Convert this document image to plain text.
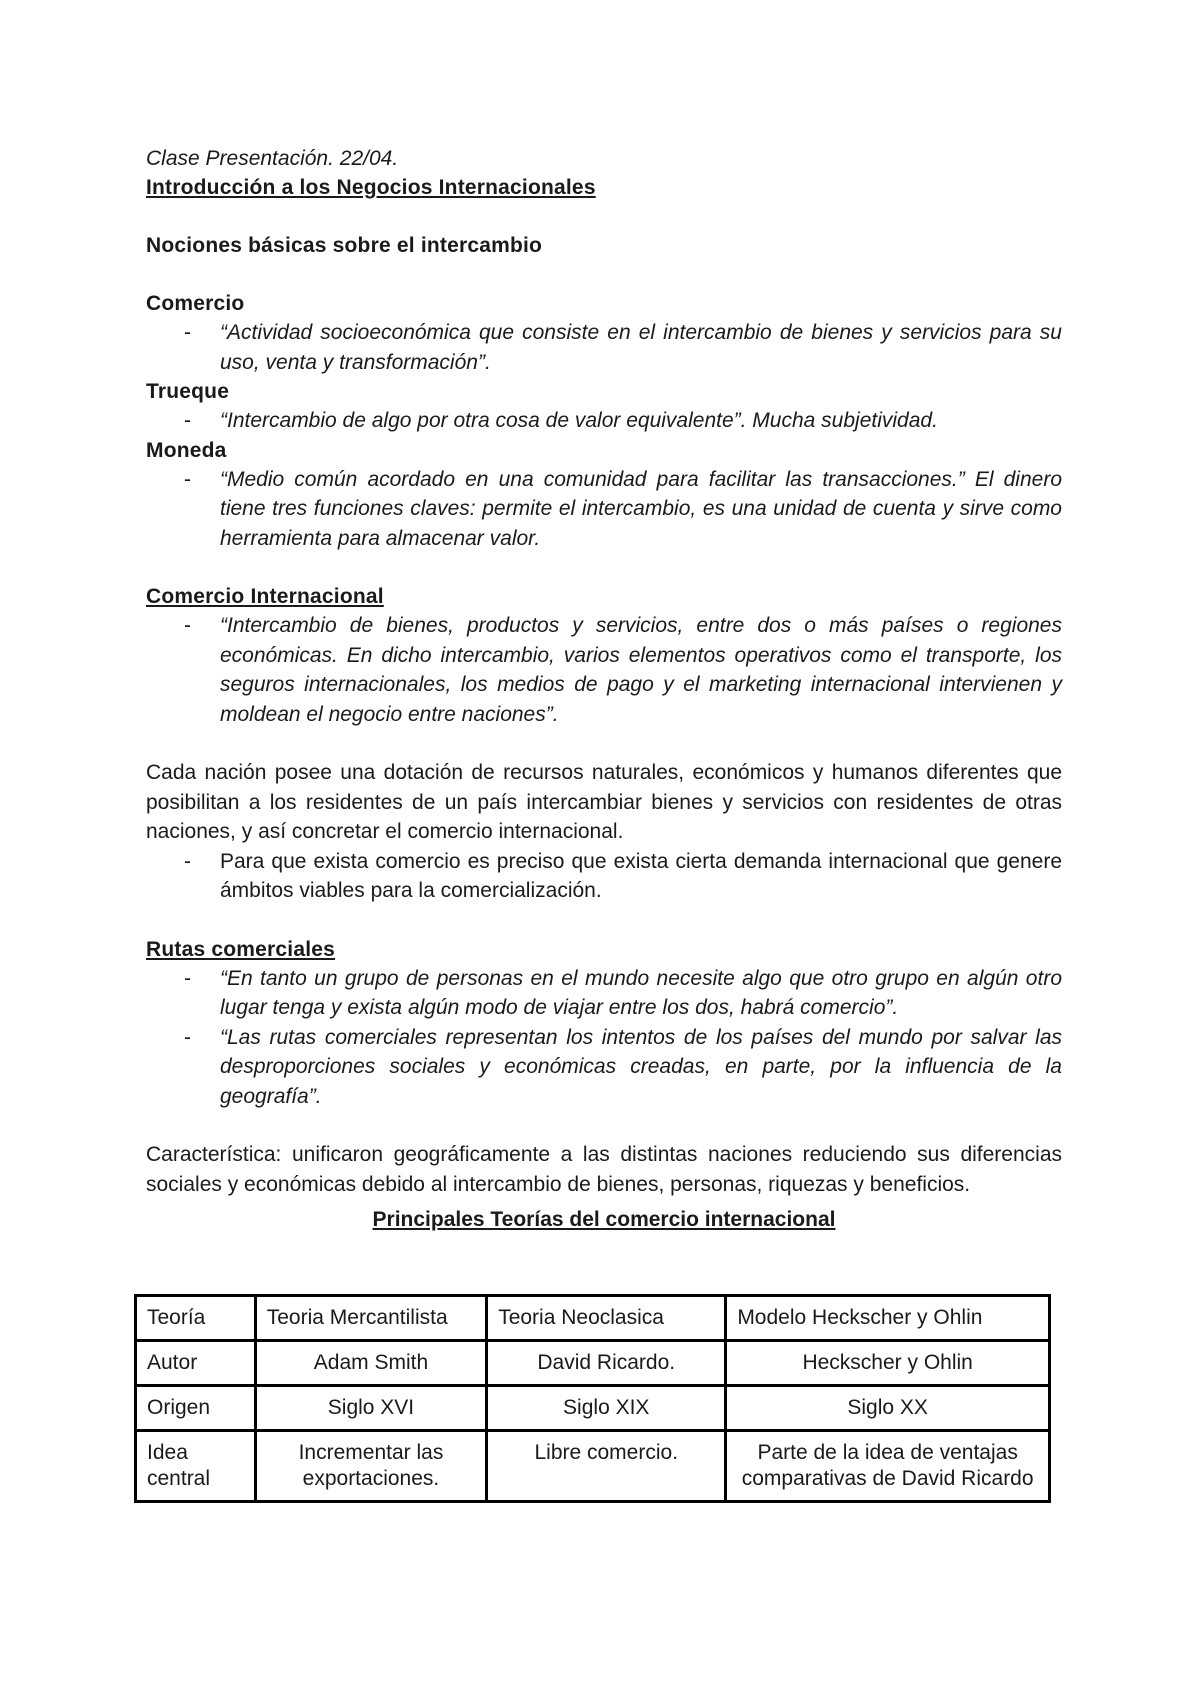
Clase Presentación. 22/04.

Introducción a los Negocios Internacionales

Nociones básicas sobre el intercambio

Comercio

- “Actividad socioeconómica que consiste en el intercambio de bienes y servicios para su uso, venta y transformación”.

Trueque

- “Intercambio de algo por otra cosa de valor equivalente”. Mucha subjetividad.

Moneda

- “Medio común acordado en una comunidad para facilitar las transacciones.” El dinero tiene tres funciones claves: permite el intercambio, es una unidad de cuenta y sirve como herramienta para almacenar valor.

Comercio Internacional

- “Intercambio de bienes, productos y servicios, entre dos o más países o regiones económicas. En dicho intercambio, varios elementos operativos como el transporte, los seguros internacionales, los medios de pago y el marketing internacional intervienen y moldean el negocio entre naciones”.
Cada nación posee una dotación de recursos naturales, económicos y humanos diferentes que posibilitan a los residentes de un país intercambiar bienes y servicios con residentes de otras naciones, y así concretar el comercio internacional.
- Para que exista comercio es preciso que exista cierta demanda internacional que genere ámbitos viables para la comercialización.

Rutas comerciales

- “En tanto un grupo de personas en el mundo necesite algo que otro grupo en algún otro lugar tenga y exista algún modo de viajar entre los dos, habrá comercio”.
- “Las rutas comerciales representan los intentos de los países del mundo por salvar las desproporciones sociales y económicas creadas, en parte, por la influencia de la geografía”.
Característica: unificaron geográficamente a las distintas naciones reduciendo sus diferencias sociales y económicas debido al intercambio de bienes, personas, riquezas y beneficios.
Principales Teorías del comercio internacional
Teoría	Teoria Mercantilista	Teoria Neoclasica	Modelo Heckscher y Ohlin
Autor	Adam Smith	David Ricardo.	Heckscher y Ohlin
Origen	Siglo XVI	Siglo XIX	Siglo XX
Idea central	Incrementar las exportaciones.	Libre comercio.	Parte de la idea de ventajas comparativas de David Ricardo
